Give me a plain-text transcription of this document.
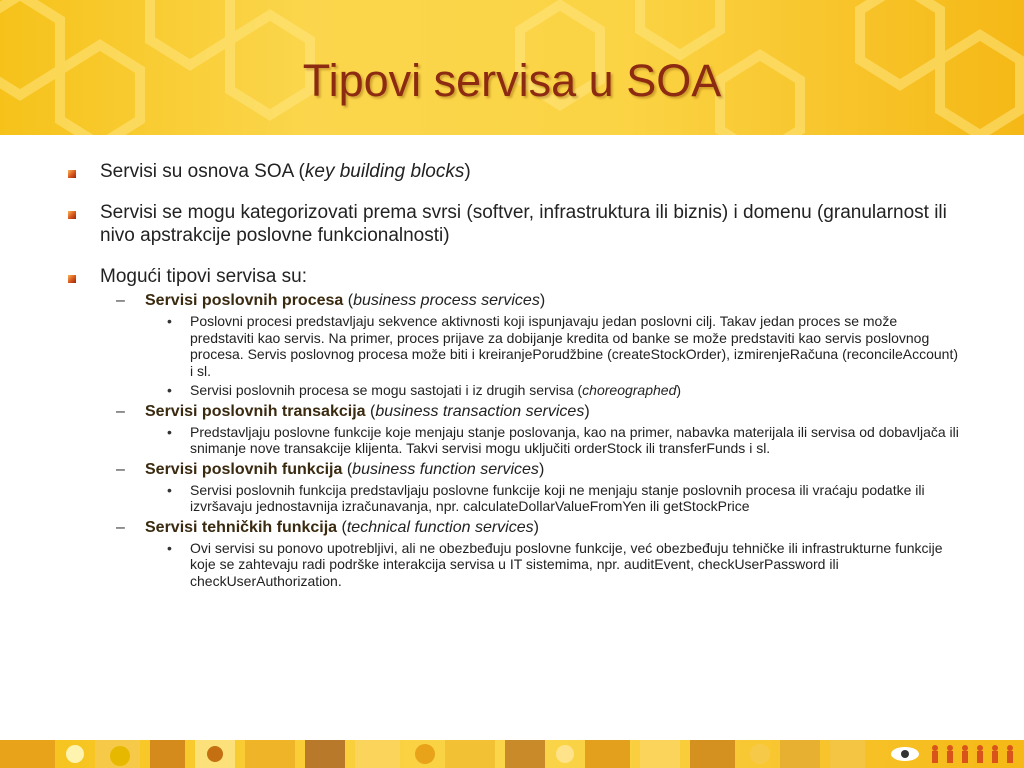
Tipovi servisa u SOA
Servisi su osnova SOA (key building blocks)
Servisi se mogu kategorizovati prema svrsi (softver, infrastruktura ili biznis) i domenu (granularnost ili nivo apstrakcije poslovne funkcionalnosti)
Mogući tipovi servisa su:
– Servisi poslovnih procesa (business process services)
• Poslovni procesi predstavljaju sekvence aktivnosti koji ispunjavaju jedan poslovni cilj. Takav jedan proces se može predstaviti kao servis. Na primer, proces prijave za dobijanje kredita od banke se može predstaviti kao servis poslovnog procesa. Servis poslovnog procesa može biti i kreiranjePorudžbine (createStockOrder), izmirenjeRačuna (reconcileAccount) i sl.
• Servisi poslovnih procesa se mogu sastojati i iz drugih servisa (choreographed)
– Servisi poslovnih transakcija (business transaction services)
• Predstavljaju poslovne funkcije koje menjaju stanje poslovanja, kao na primer, nabavka materijala ili servisa od dobavljača ili snimanje nove transakcije klijenta. Takvi servisi mogu uključiti orderStock ili transferFunds i sl.
– Servisi poslovnih funkcija (business function services)
• Servisi poslovnih funkcija predstavljaju poslovne funkcije koji ne menjaju stanje poslovnih procesa ili vraćaju podatke ili izvršavaju jednostavnija izračunavanja, npr. calculateDollarValueFromYen ili getStockPrice
– Servisi tehničkih funkcija (technical function services)
• Ovi servisi su ponovo upotrebljivi, ali ne obezbeđuju poslovne funkcije, već obezbeđuju tehničke ili infrastrukturne funkcije koje se zahtevaju radi podrške interakcija servisa u IT sistemima, npr. auditEvent, checkUserPassword ili checkUserAuthorization.
